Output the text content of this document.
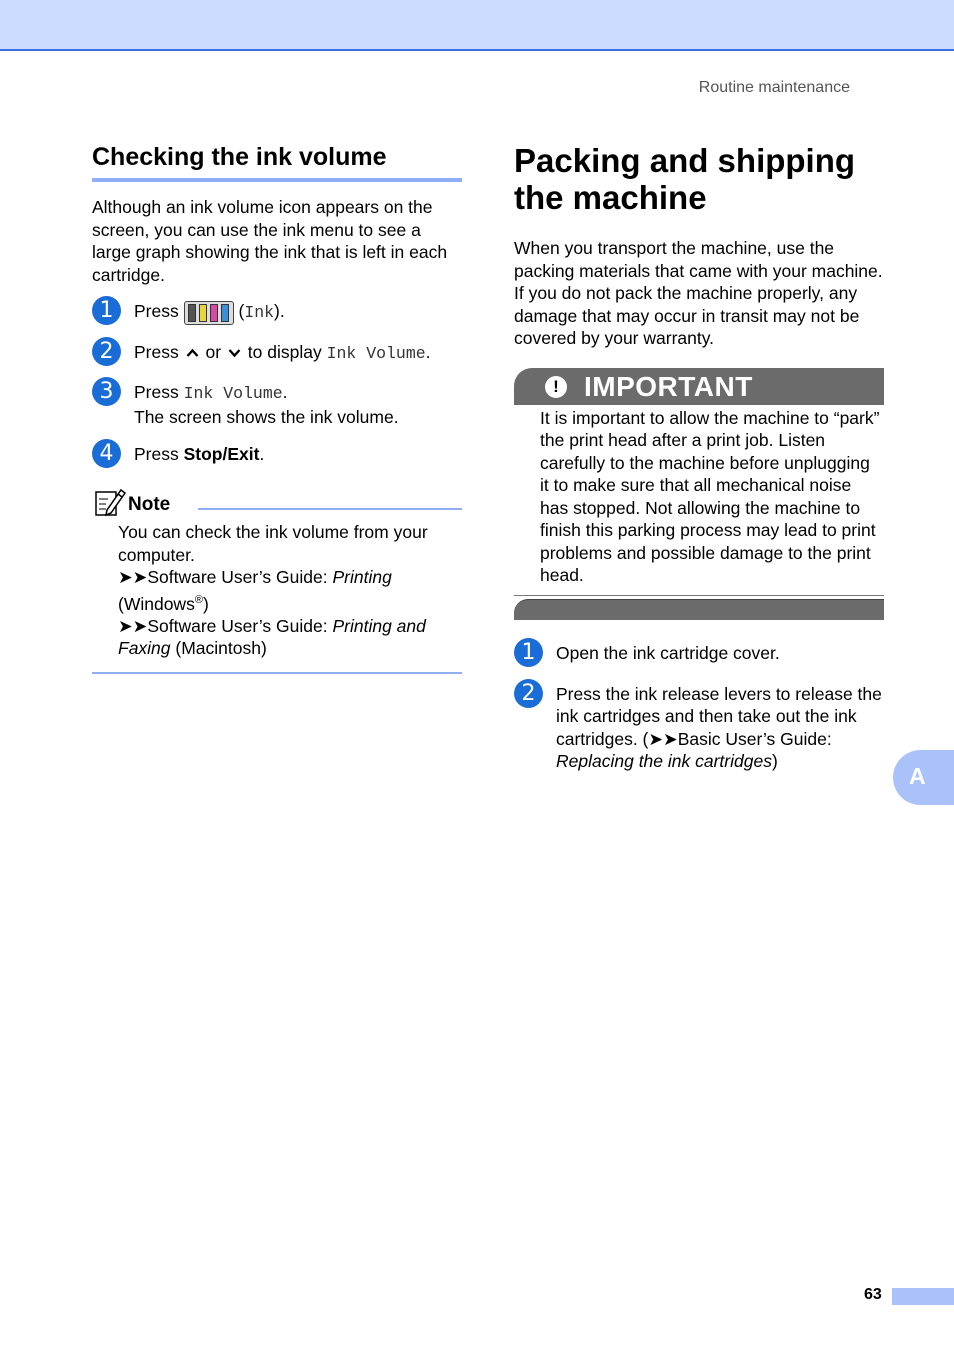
Routine maintenance
Checking the ink volume

Although an ink volume icon appears on the screen, you can use the ink menu to see a large graph showing the ink that is left in each cartridge.

1	Press	(Ink).
2	Press or to display Ink Volume.
3	Press Ink Volume.
The screen shows the ink volume.
4	Press Stop/Exit.
Note

You can check the ink volume from your computer.

➤➤Software User’s Guide: Printing
(Windows®)

➤➤Software User’s Guide: Printing and Faxing (Macintosh)

Packing and shipping the machine

When you transport the machine, use the packing materials that came with your machine. If you do not pack the machine properly, any damage that may occur in transit may not be covered by your warranty.

! IMPORTANT

It is important to allow the machine to “park” the print head after a print job. Listen carefully to the machine before unplugging it to make sure that all mechanical noise has stopped. Not allowing the machine to finish this parking process may lead to print problems and possible damage to the print head.

1	Open the ink cartridge cover.
2	Press the ink release levers to release the ink cartridges and then take out the ink cartridges. (➤➤Basic User’s Guide: Replacing the ink cartridges)
A
63
